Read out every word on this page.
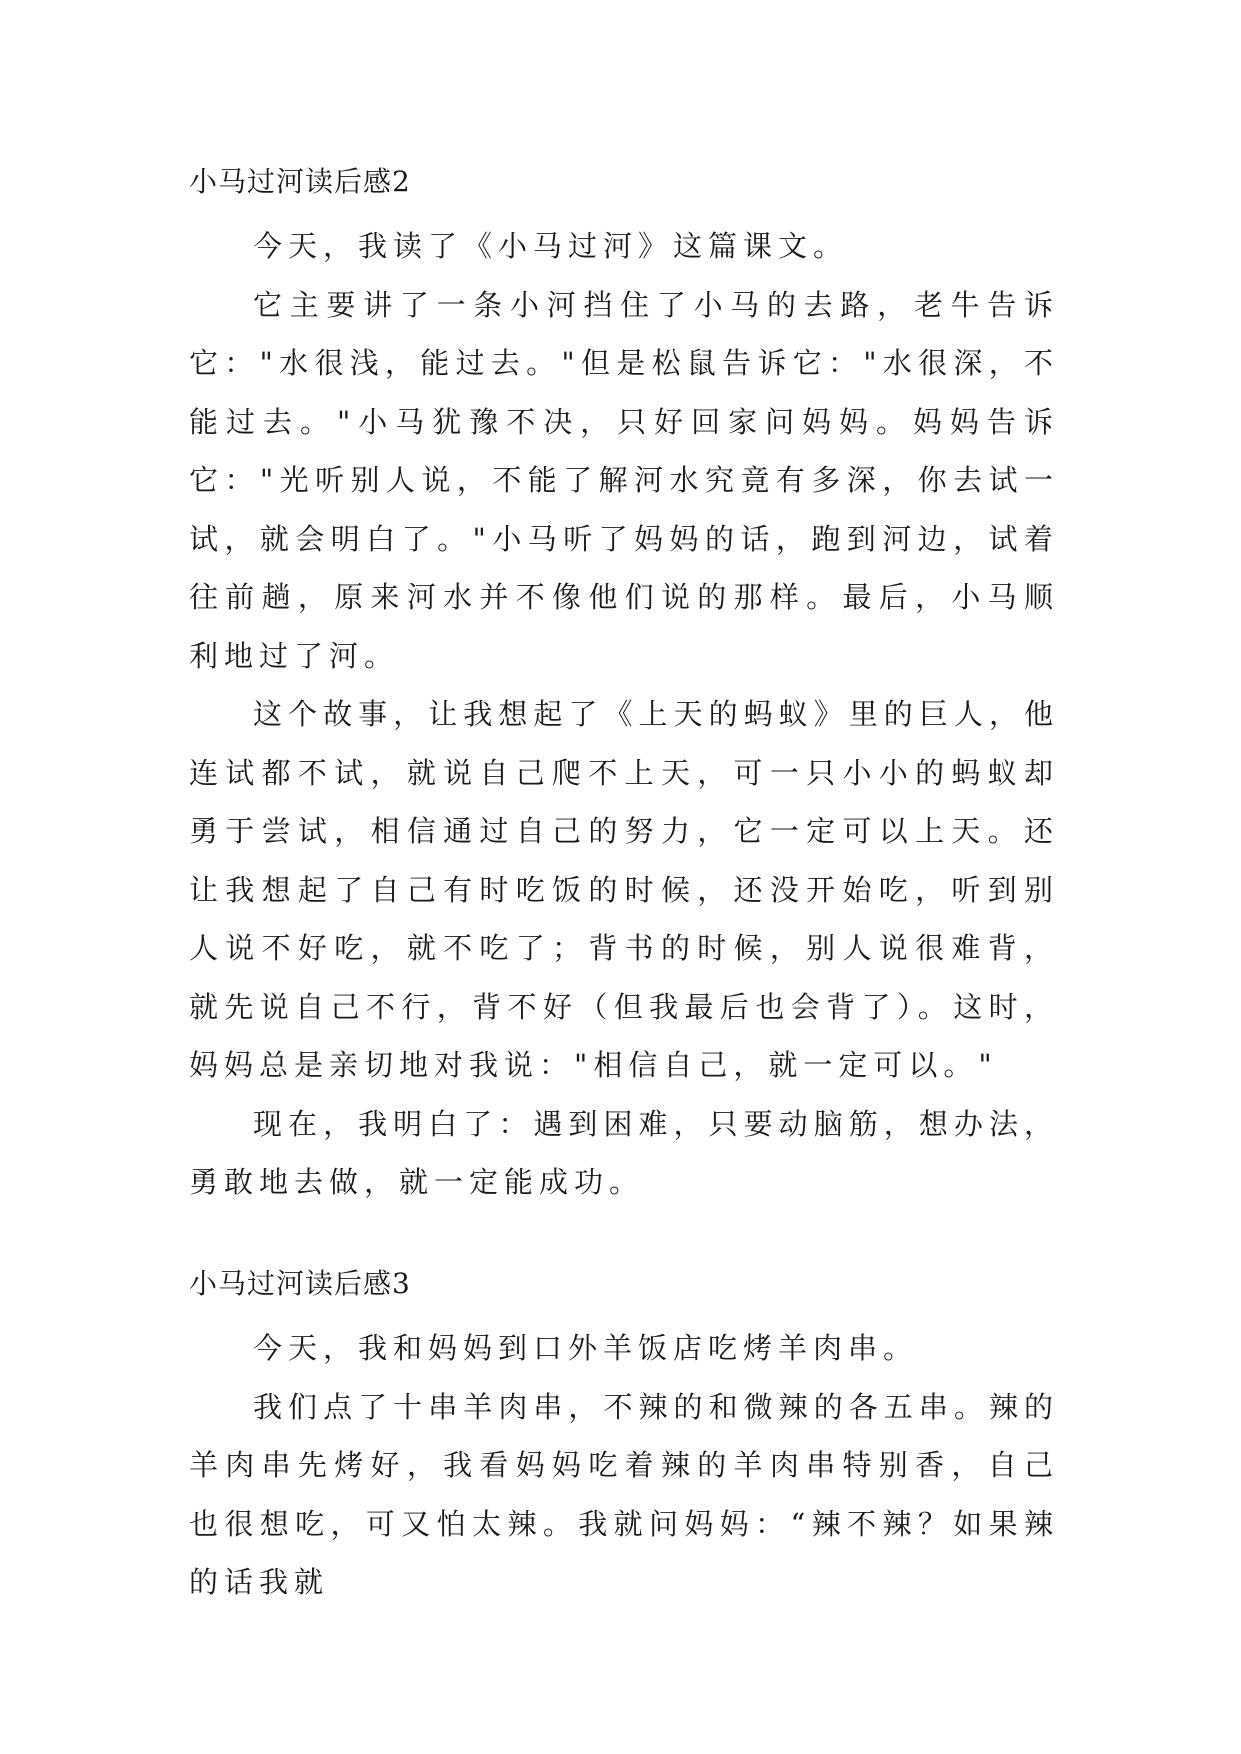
小马过河读后感2

今天，我读了《小马过河》这篇课文。

它主要讲了一条小河挡住了小马的去路，老牛告诉它："水很浅，能过去。"但是松鼠告诉它："水很深，不能过去。"小马犹豫不决，只好回家问妈妈。妈妈告诉它："光听别人说，不能了解河水究竟有多深，你去试一试，就会明白了。"小马听了妈妈的话，跑到河边，试着往前趟，原来河水并不像他们说的那样。最后，小马顺利地过了河。

这个故事，让我想起了《上天的蚂蚁》里的巨人，他连试都不试，就说自己爬不上天，可一只小小的蚂蚁却勇于尝试，相信通过自己的努力，它一定可以上天。还让我想起了自己有时吃饭的时候，还没开始吃，听到别人说不好吃，就不吃了；背书的时候，别人说很难背，就先说自己不行，背不好（但我最后也会背了）。这时，妈妈总是亲切地对我说："相信自己，就一定可以。"

现在，我明白了：遇到困难，只要动脑筋，想办法，勇敢地去做，就一定能成功。

小马过河读后感3

今天，我和妈妈到口外羊饭店吃烤羊肉串。

我们点了十串羊肉串，不辣的和微辣的各五串。辣的羊肉串先烤好，我看妈妈吃着辣的羊肉串特别香，自己也很想吃，可又怕太辣。我就问妈妈：“辣不辣？如果辣的话我就
